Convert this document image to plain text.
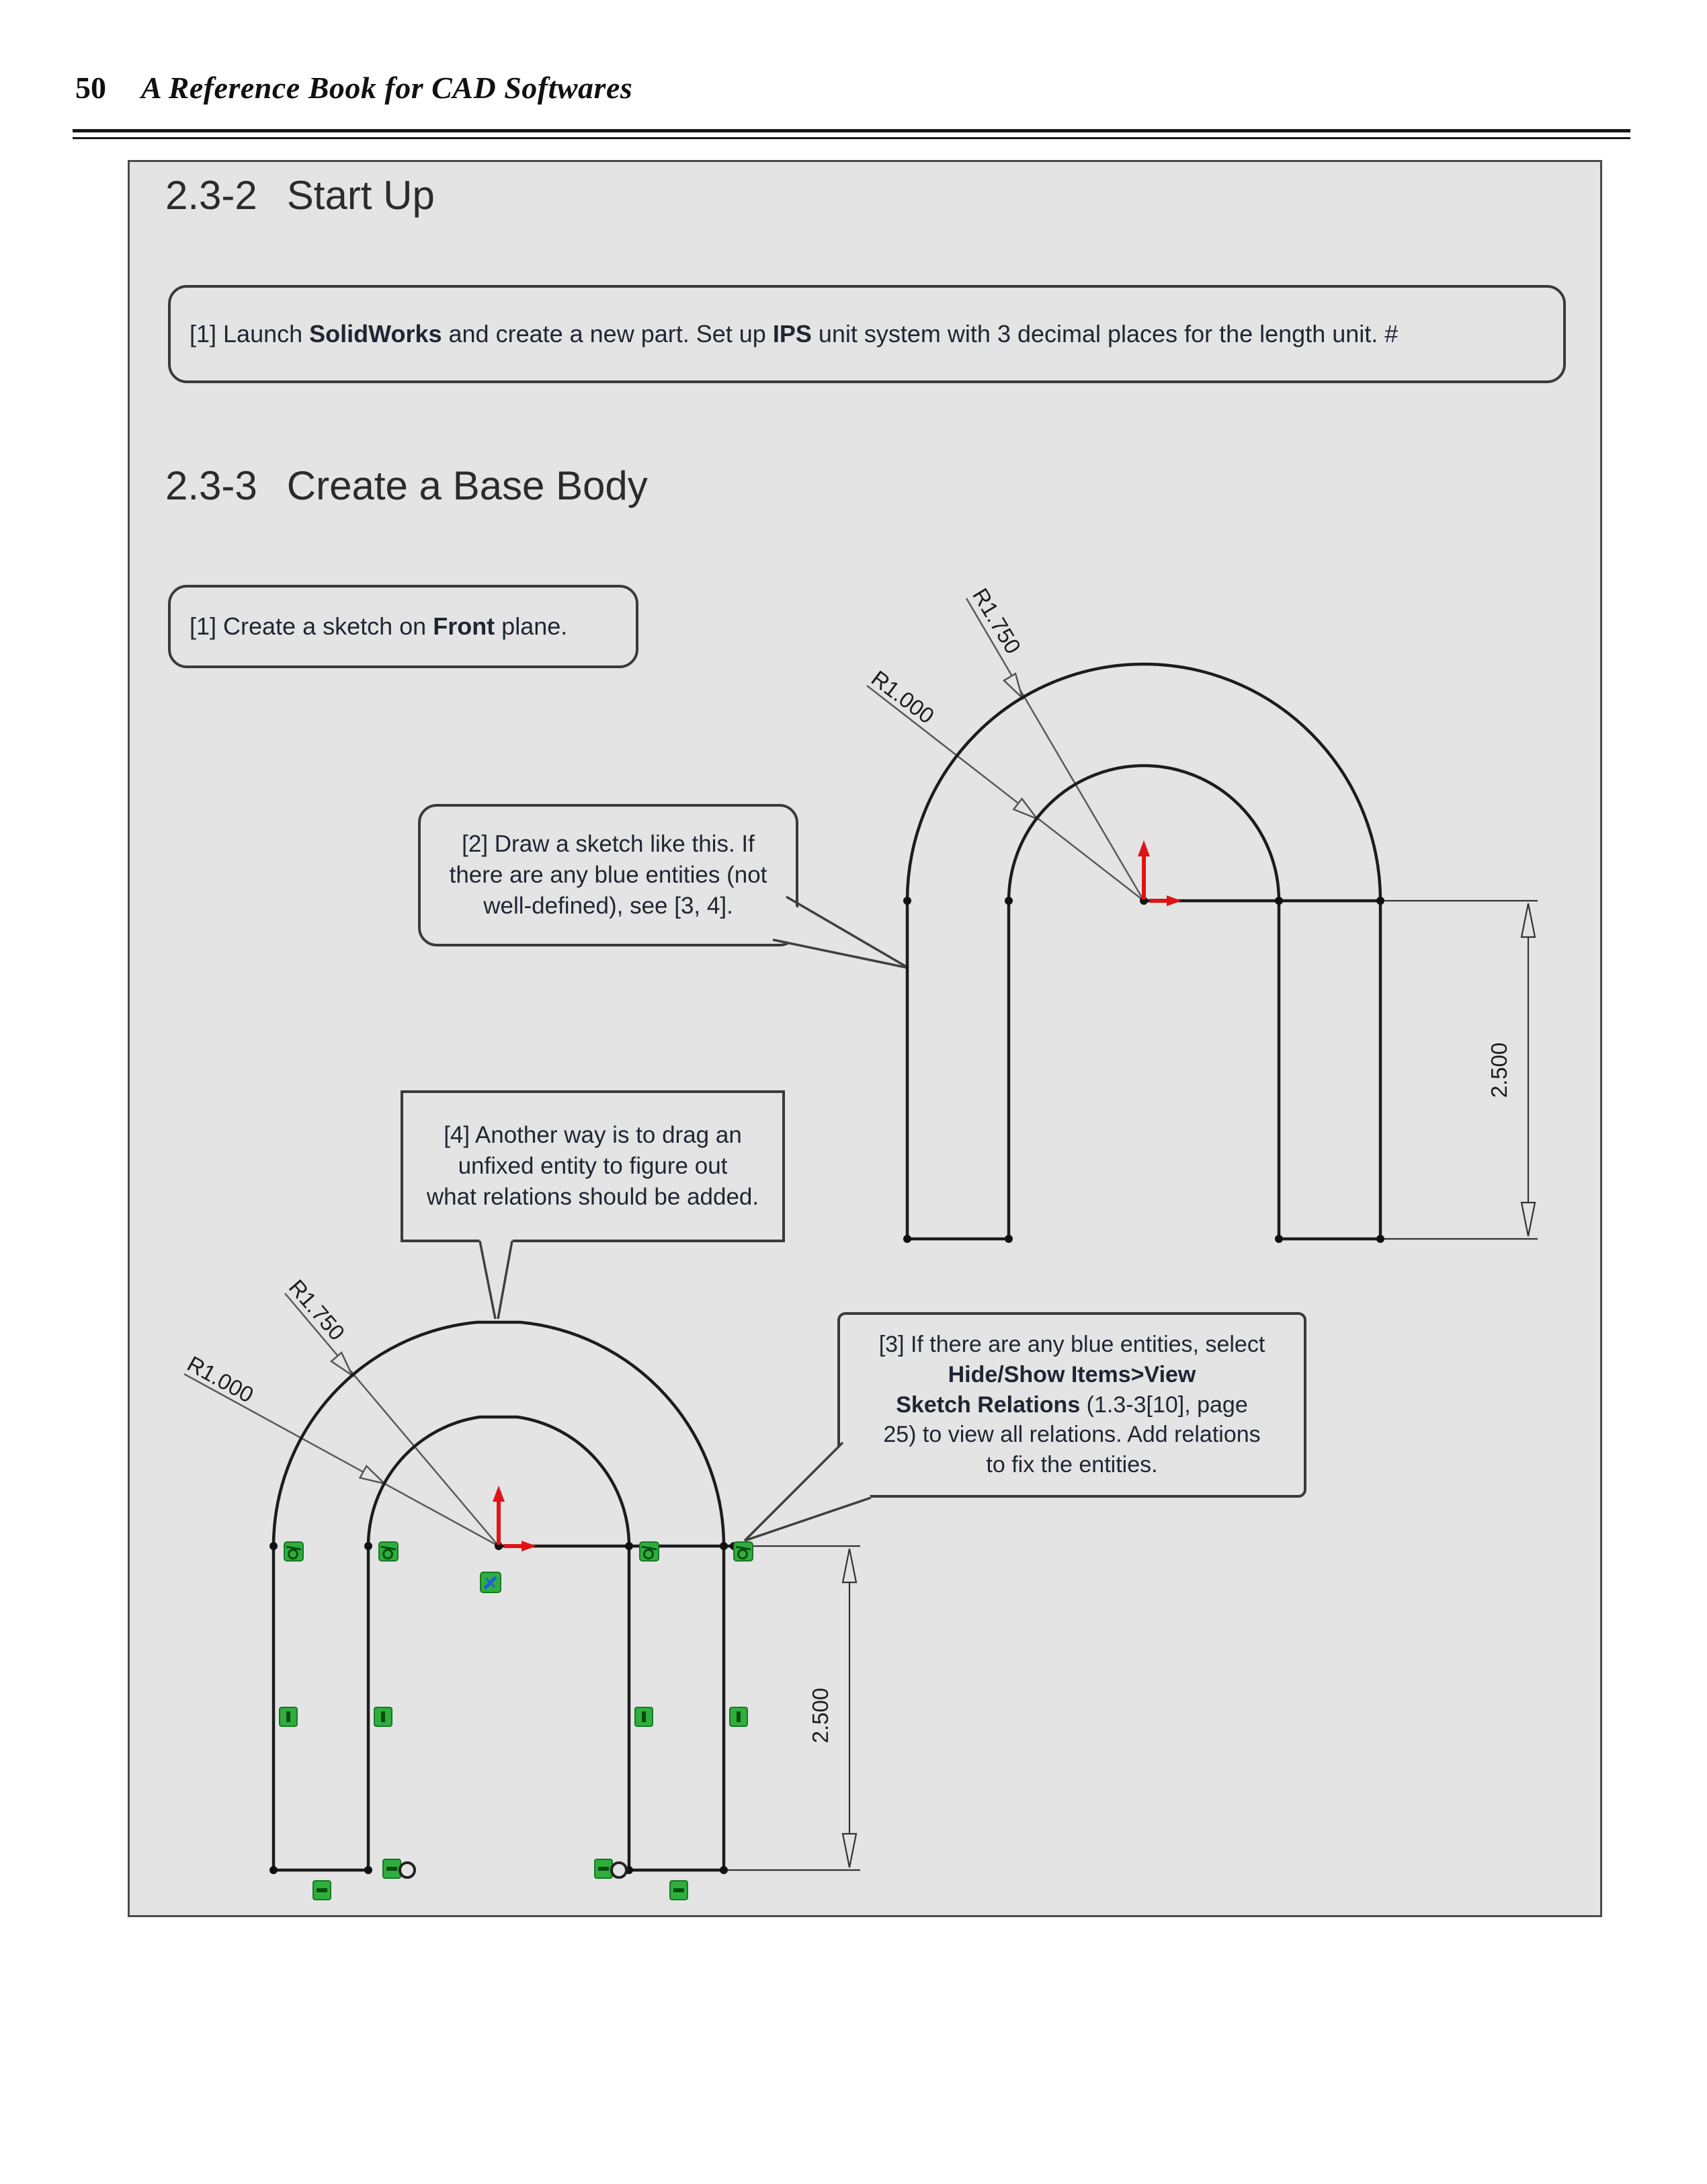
50 A Reference Book for CAD Softwares
2.3-2 Start Up
[1] Launch SolidWorks and create a new part. Set up IPS unit system with 3 decimal places for the length unit. #
2.3-3 Create a Base Body
[1] Create a sketch on Front plane.
[2] Draw a sketch like this. If
there are any blue entities (not
well-defined), see [3, 4].
[4] Another way is to drag an
unfixed entity to figure out
what relations should be added.
[3] If there are any blue entities, select
Hide/Show Items>View
Sketch Relations (1.3-3[10], page
25) to view all relations. Add relations
to fix the entities.
R1.750
R1.000
2.500
R1.750
R1.000
2.500
